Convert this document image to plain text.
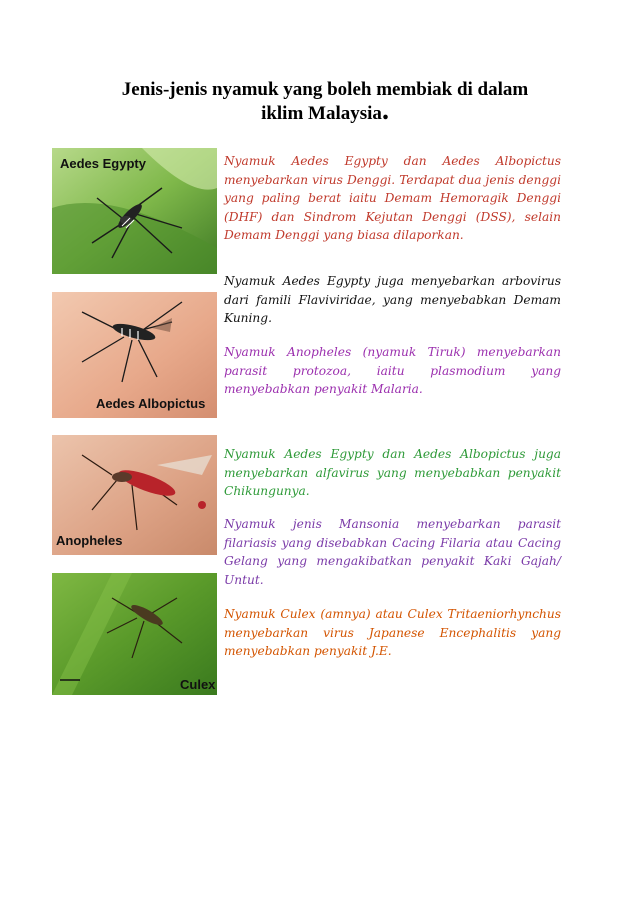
Jenis-jenis nyamuk yang boleh membiak di dalam
iklim Malaysia.
Aedes Egypty
Aedes Albopictus
Anopheles
Culex

Nyamuk Aedes Egypty dan Aedes Albopictus menyebarkan virus Denggi. Terdapat dua jenis denggi yang paling berat iaitu Demam Hemoragik Denggi (DHF) dan Sindrom Kejutan Denggi (DSS), selain Demam Denggi yang biasa dilaporkan.

Nyamuk Aedes Egypty juga menyebarkan arbovirus dari famili Flaviviridae, yang menyebabkan Demam Kuning.

Nyamuk Anopheles (nyamuk Tiruk) menyebarkan parasit protozoa, iaitu plasmodium yang menyebabkan penyakit Malaria.

Nyamuk Aedes Egypty dan Aedes Albopictus juga menyebarkan alfavirus yang menyebabkan penyakit Chikungunya.

Nyamuk jenis Mansonia menyebarkan parasit filariasis yang disebabkan Cacing Filaria atau Cacing Gelang yang mengakibatkan penyakit Kaki Gajah/ Untut.

Nyamuk Culex (amnya) atau Culex Tritaeniorhynchus menyebarkan virus Japanese Encephalitis yang menyebabkan penyakit J.E.
